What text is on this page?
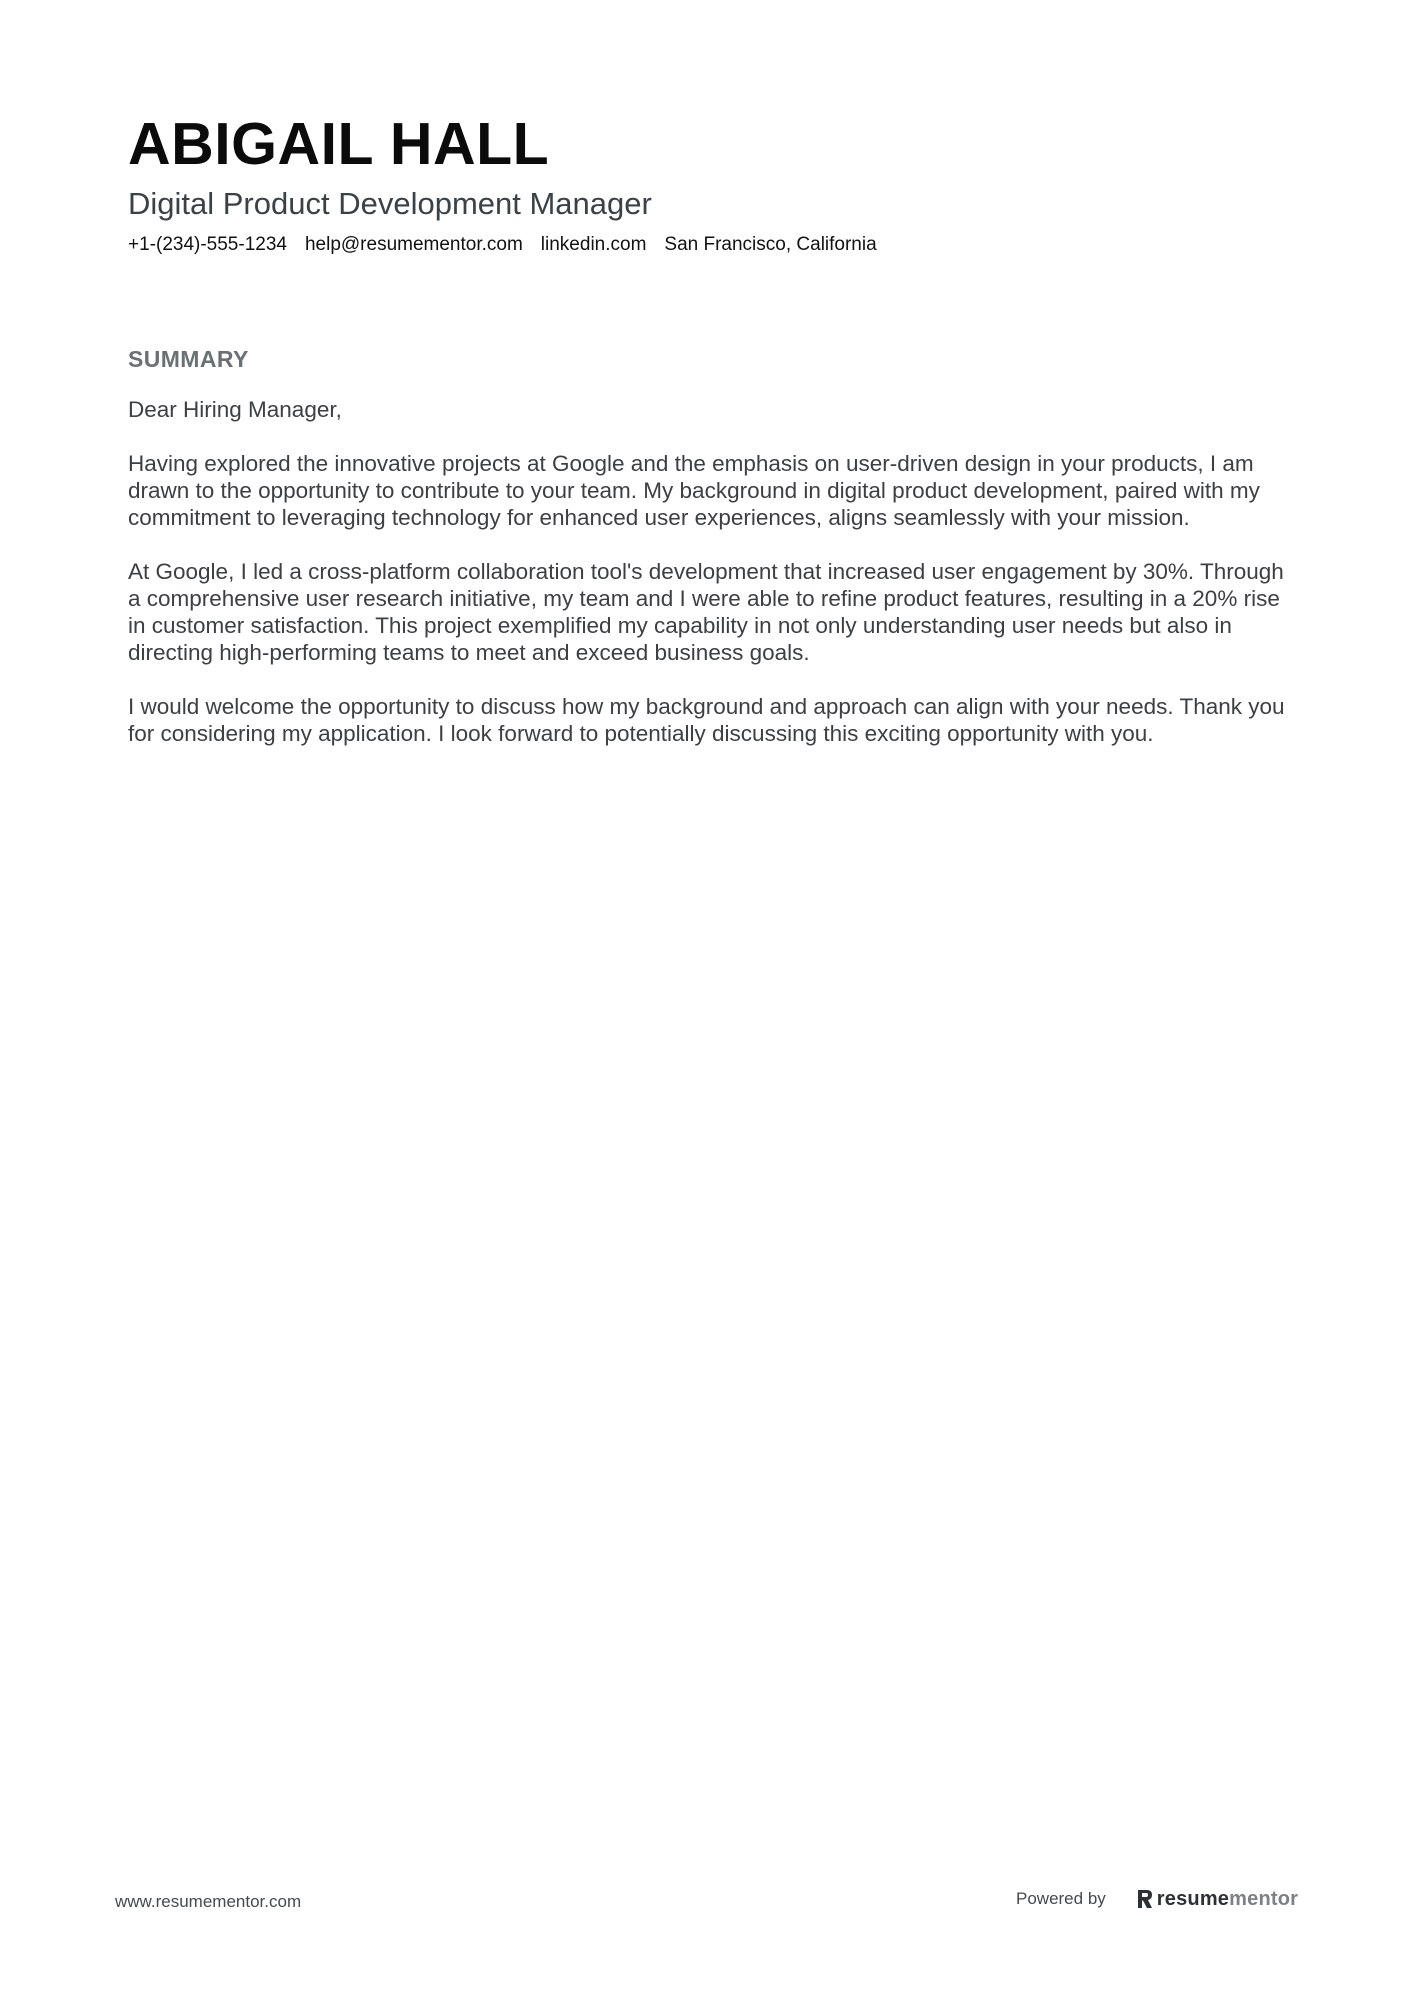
ABIGAIL HALL
Digital Product Development Manager
+1-(234)-555-1234 help@resumementor.com linkedin.com San Francisco, California
SUMMARY

Dear Hiring Manager,

Having explored the innovative projects at Google and the emphasis on user-driven design in your products, I am drawn to the opportunity to contribute to your team. My background in digital product development, paired with my commitment to leveraging technology for enhanced user experiences, aligns seamlessly with your mission.

At Google, I led a cross-platform collaboration tool's development that increased user engagement by 30%. Through a comprehensive user research initiative, my team and I were able to refine product features, resulting in a 20% rise in customer satisfaction. This project exemplified my capability in not only understanding user needs but also in directing high-performing teams to meet and exceed business goals.

I would welcome the opportunity to discuss how my background and approach can align with your needs. Thank you for considering my application. I look forward to potentially discussing this exciting opportunity with you.

www.resumementor.com	Powered by	resumementor
